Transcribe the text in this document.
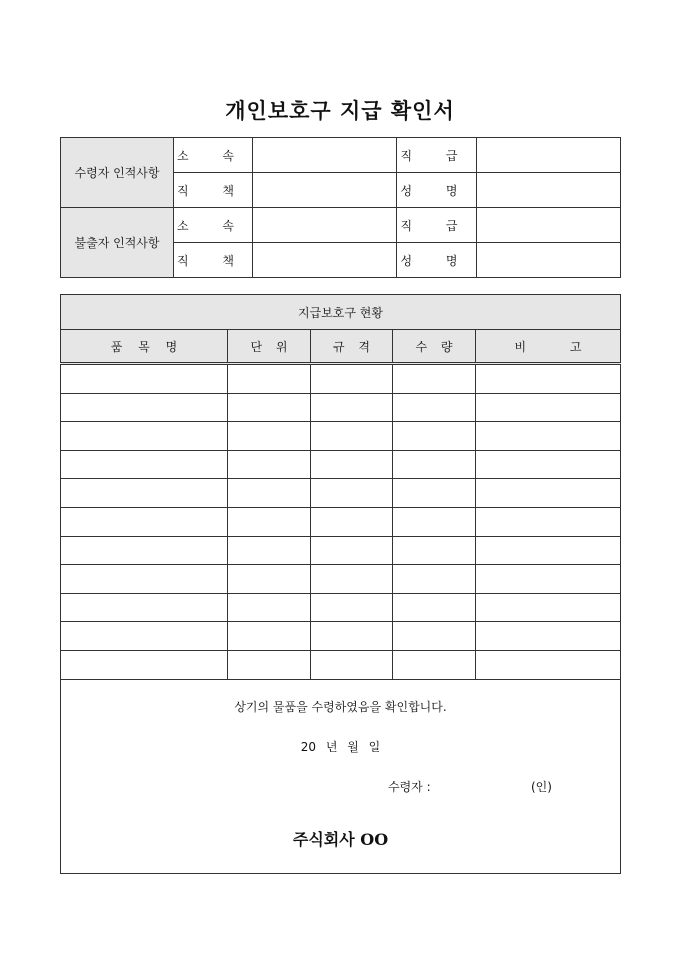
개인보호구 지급 확인서
수령자 인적사항	소 속		직 급	
	직 책		성 명	
불출자 인적사항	소 속		직 급	
	직 책		성 명	
지급보호구 현황				
품 목 명	단 위	규 격	수 량	비 고

상기의 물품을 수령하였음을 확인합니다.
20 년 월 일
수령자 : (인)
주식회사 OO				
